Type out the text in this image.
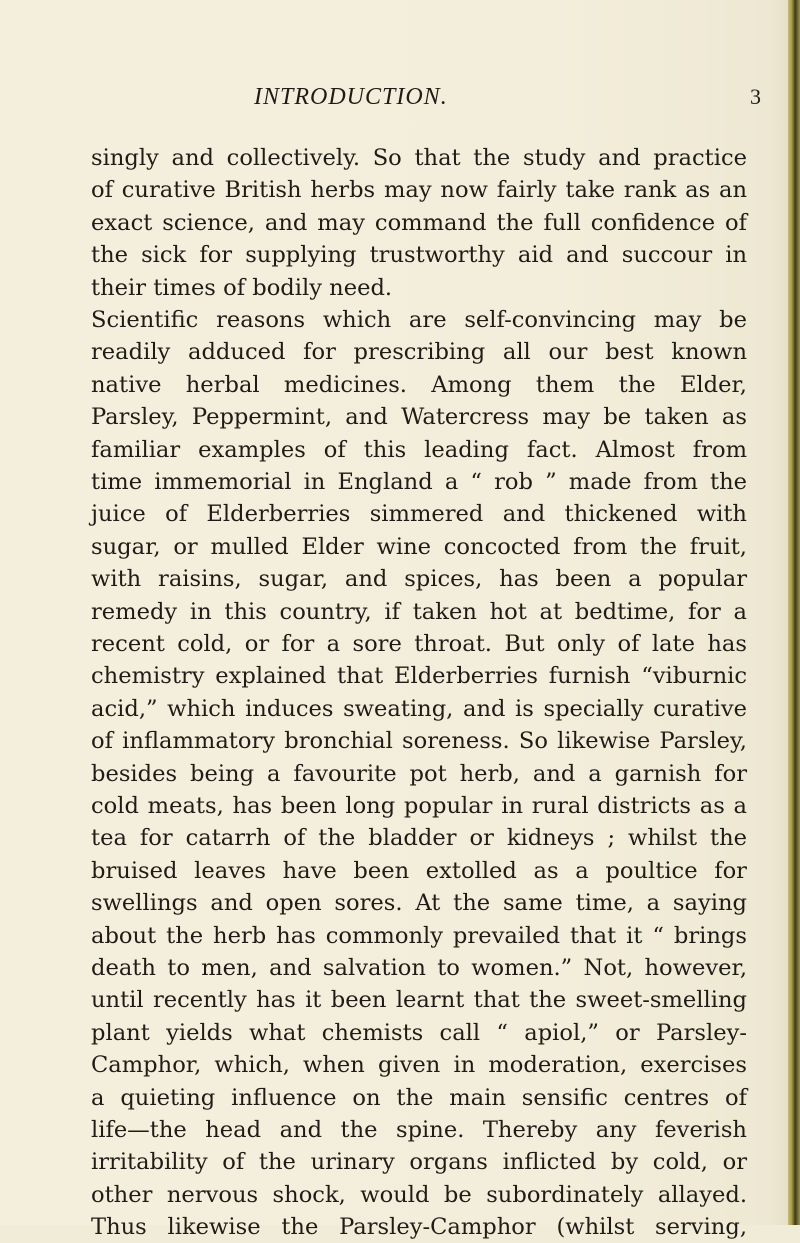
INTRODUCTION.	3
singly and collectively. So that the study and practice
of curative British herbs may now fairly take rank as an
exact science, and may command the full confidence of
the sick for supplying trustworthy aid and succour in
their times of bodily need.
Scientific reasons which are self-convincing may be
readily adduced for prescribing all our best known
native herbal medicines. Among them the Elder,
Parsley, Peppermint, and Watercress may be taken as
familiar examples of this leading fact. Almost from
time immemorial in England a “ rob ” made from the
juice of Elderberries simmered and thickened with
sugar, or mulled Elder wine concocted from the fruit,
with raisins, sugar, and spices, has been a popular
remedy in this country, if taken hot at bedtime, for a
recent cold, or for a sore throat. But only of late has
chemistry explained that Elderberries furnish “viburnic
acid,” which induces sweating, and is specially curative
of inflammatory bronchial soreness. So likewise Parsley,
besides being a favourite pot herb, and a garnish for
cold meats, has been long popular in rural districts as a
tea for catarrh of the bladder or kidneys ; whilst the
bruised leaves have been extolled as a poultice for
swellings and open sores. At the same time, a saying
about the herb has commonly prevailed that it “ brings
death to men, and salvation to women.” Not, however,
until recently has it been learnt that the sweet-smelling
plant yields what chemists call “ apiol,” or Parsley-
Camphor, which, when given in moderation, exercises
a quieting influence on the main sensific centres of
life—the head and the spine. Thereby any feverish
irritability of the urinary organs inflicted by cold, or
other nervous shock, would be subordinately allayed.
Thus likewise the Parsley-Camphor (whilst serving,
